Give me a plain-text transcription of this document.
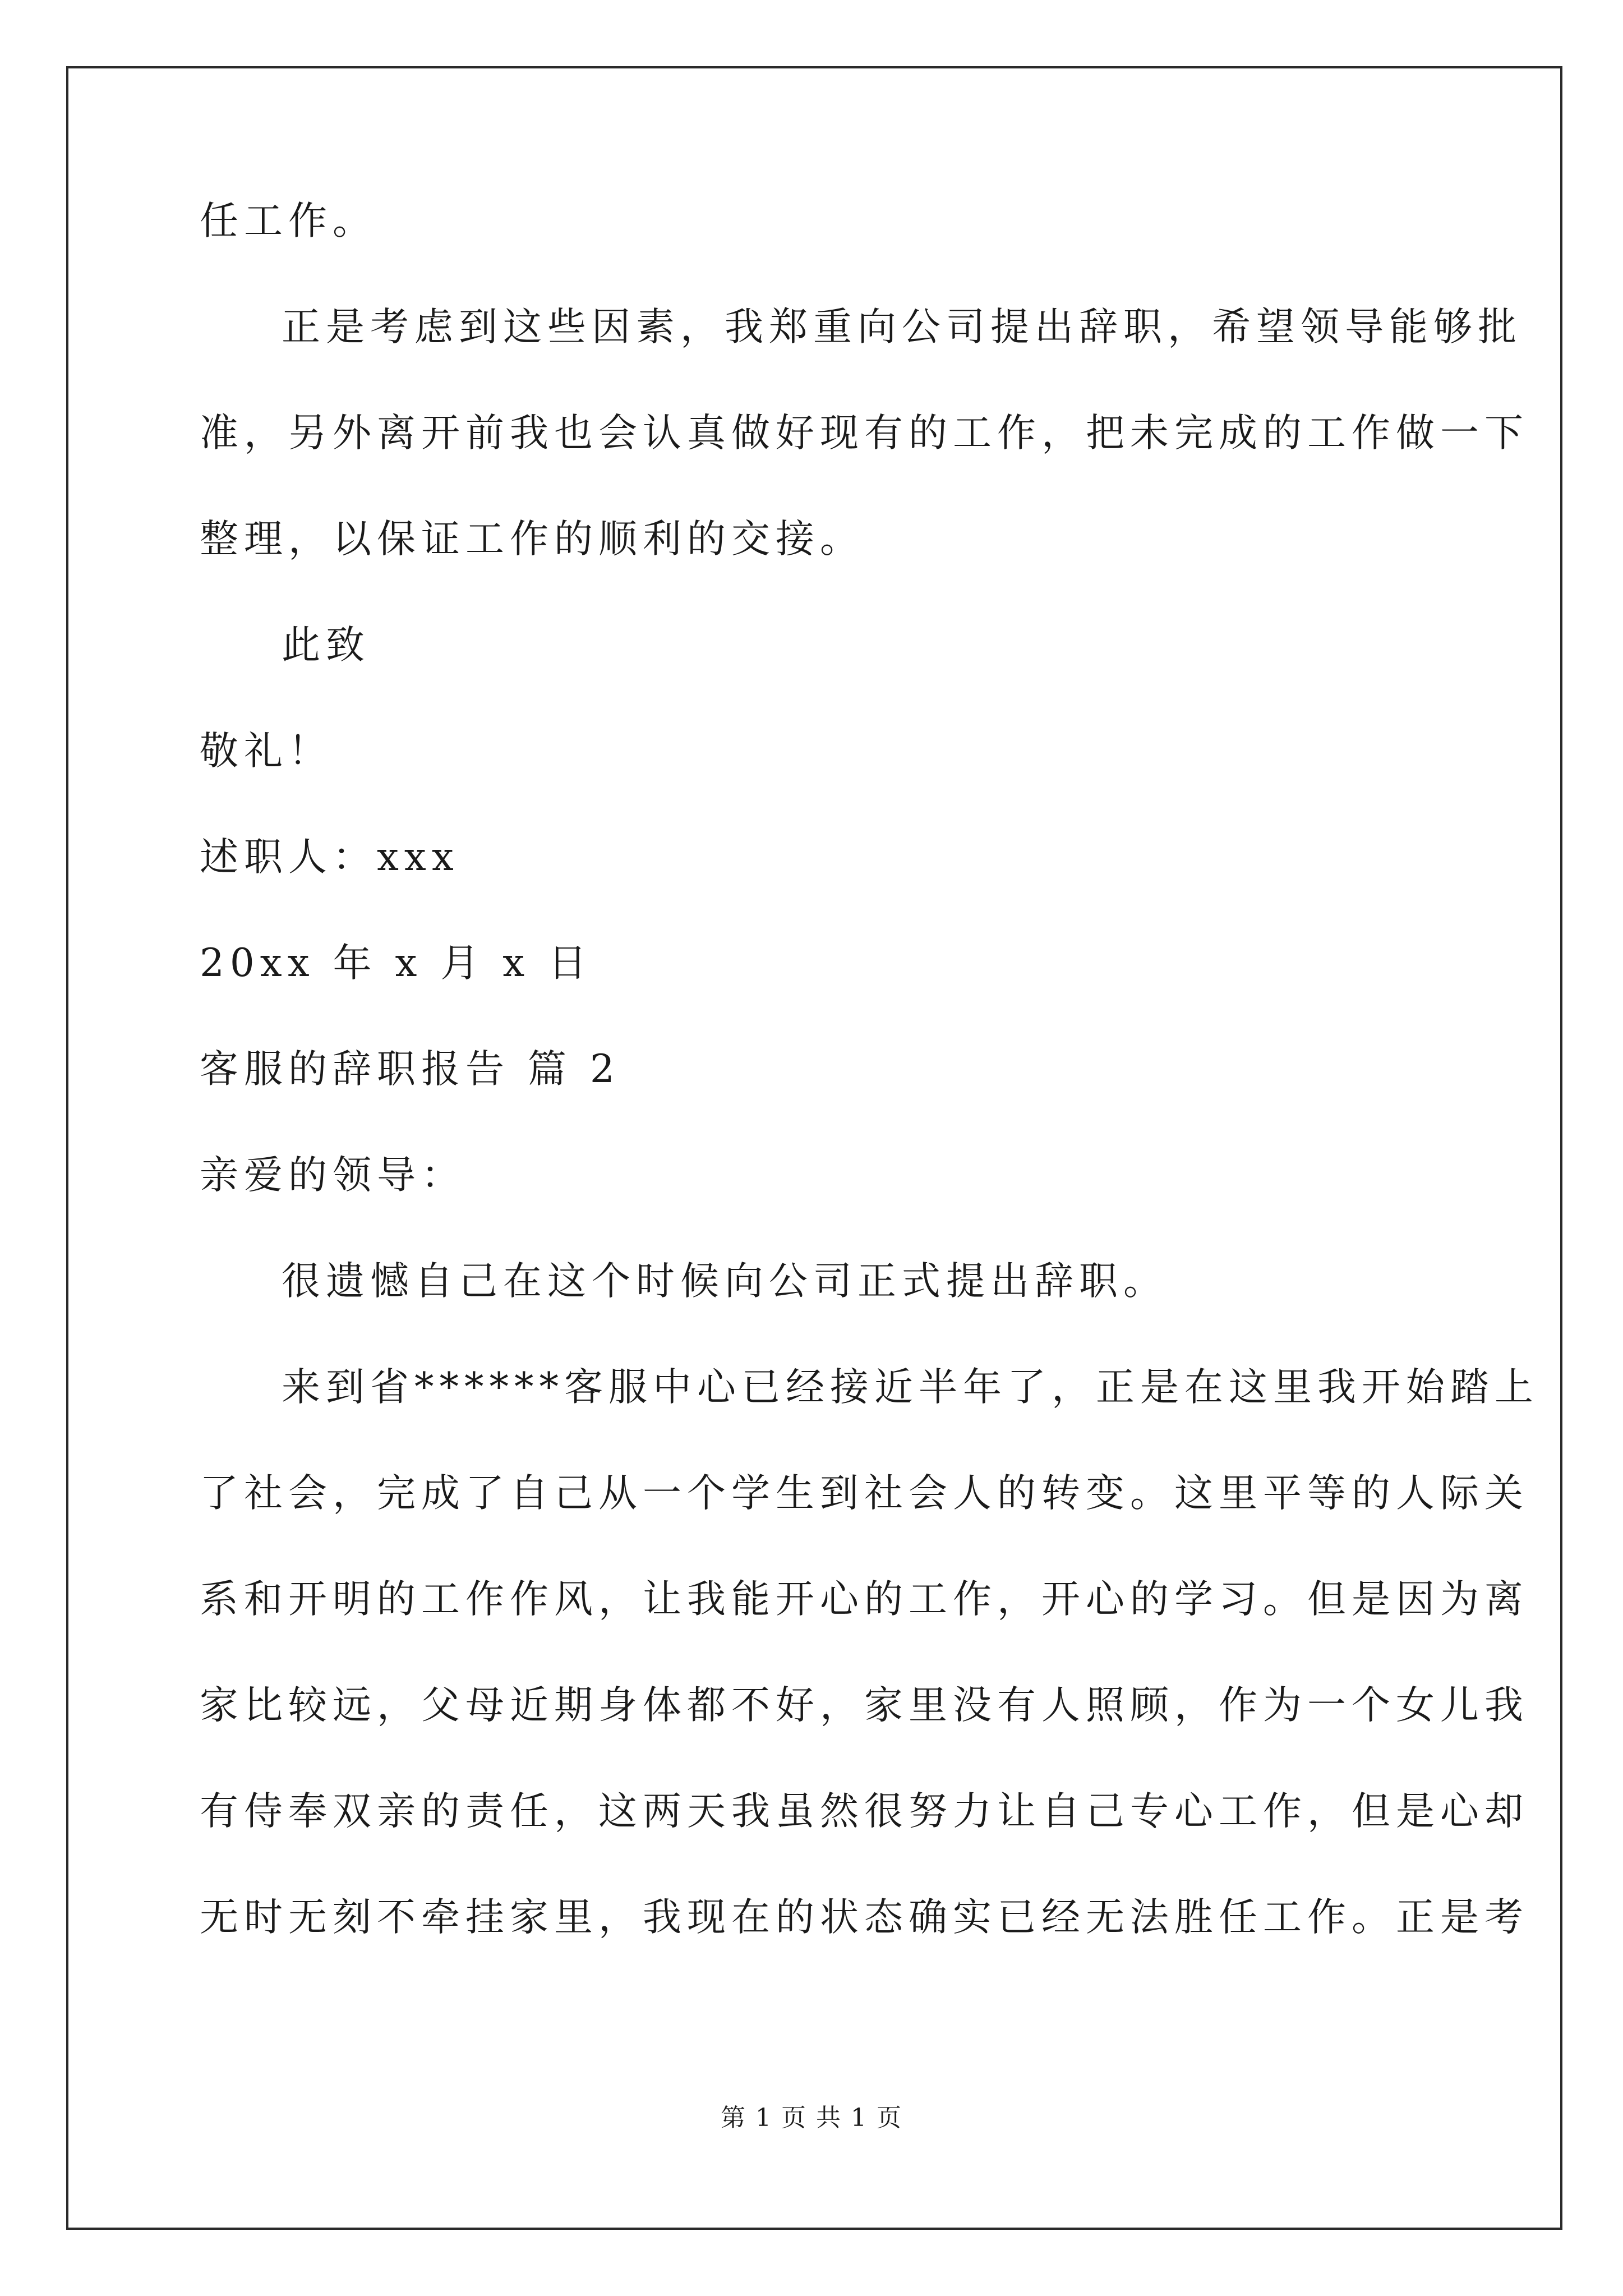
任工作。
正是考虑到这些因素，我郑重向公司提出辞职，希望领导能够批
准，另外离开前我也会认真做好现有的工作，把未完成的工作做一下
整理，以保证工作的顺利的交接。
此致
敬礼！
述职人：xxx
20xx 年 x 月 x 日
客服的辞职报告 篇 2
亲爱的领导：
很遗憾自己在这个时候向公司正式提出辞职。
来到省******客服中心已经接近半年了，正是在这里我开始踏上
了社会，完成了自己从一个学生到社会人的转变。这里平等的人际关
系和开明的工作作风，让我能开心的工作，开心的学习。但是因为离
家比较远，父母近期身体都不好，家里没有人照顾，作为一个女儿我
有侍奉双亲的责任，这两天我虽然很努力让自己专心工作，但是心却
无时无刻不牵挂家里，我现在的状态确实已经无法胜任工作。正是考
第 1 页 共 1 页
